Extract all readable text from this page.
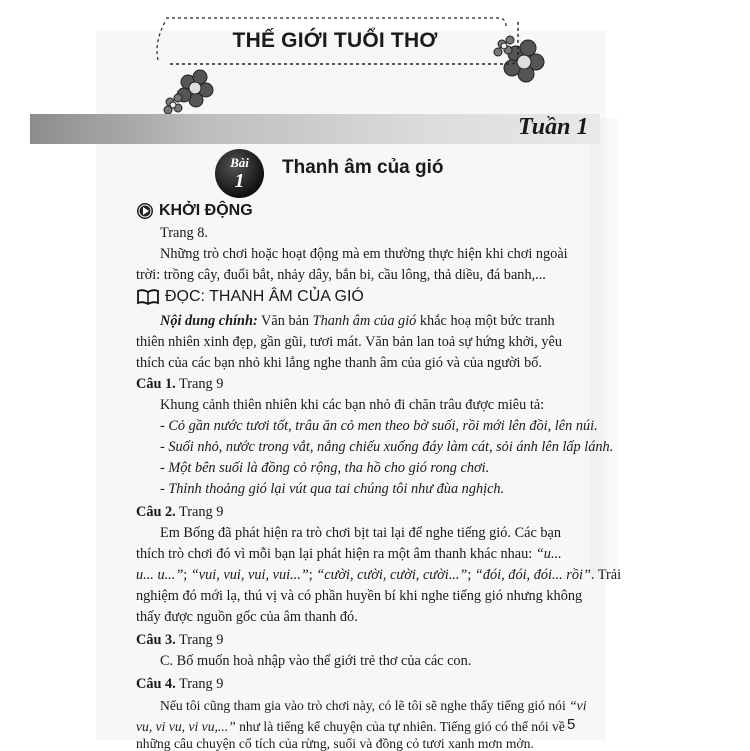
THẾ GIỚI TUỔI THƠ
Tuần 1
Bài
1
Thanh âm của gió
KHỞI ĐỘNG

Trang 8.

Những trò chơi hoặc hoạt động mà em thường thực hiện khi chơi ngoài

trời: trồng cây, đuổi bắt, nhảy dây, bắn bi, cầu lông, thả diều, đá banh,...

ĐỌC: THANH ÂM CỦA GIÓ

Nội dung chính: Văn bản Thanh âm của gió khắc hoạ một bức tranh

thiên nhiên xinh đẹp, gần gũi, tươi mát. Văn bản lan toả sự hứng khởi, yêu

thích của các bạn nhỏ khi lắng nghe thanh âm của gió và của người bố.

Câu 1. Trang 9

Khung cảnh thiên nhiên khi các bạn nhỏ đi chăn trâu được miêu tả:

- Cỏ gần nước tươi tốt, trâu ăn cỏ men theo bờ suối, rồi mới lên đồi, lên núi.

- Suối nhỏ, nước trong vắt, nắng chiếu xuống đáy làm cát, sỏi ánh lên lấp lánh.

- Một bên suối là đồng cỏ rộng, tha hồ cho gió rong chơi.

- Thỉnh thoảng gió lại vút qua tai chúng tôi như đùa nghịch.

Câu 2. Trang 9

Em Bống đã phát hiện ra trò chơi bịt tai lại để nghe tiếng gió. Các bạn

thích trò chơi đó vì mỗi bạn lại phát hiện ra một âm thanh khác nhau: “u...

u... u...”; “vui, vui, vui, vui...”; “cười, cười, cười, cười...”; “đói, đói, đói... rồi”. Trải

nghiệm đó mới lạ, thú vị và có phần huyền bí khi nghe tiếng gió nhưng không

thấy được nguồn gốc của âm thanh đó.

Câu 3. Trang 9

C. Bố muốn hoà nhập vào thế giới trẻ thơ của các con.

Câu 4. Trang 9

Nếu tôi cũng tham gia vào trò chơi này, có lẽ tôi sẽ nghe thấy tiếng gió nói “vi

vu, vi vu, vi vu,...” như là tiếng kể chuyện của tự nhiên. Tiếng gió có thể nói về

những câu chuyện cổ tích của rừng, suối và đồng cỏ tươi xanh mơn mởn.

5
